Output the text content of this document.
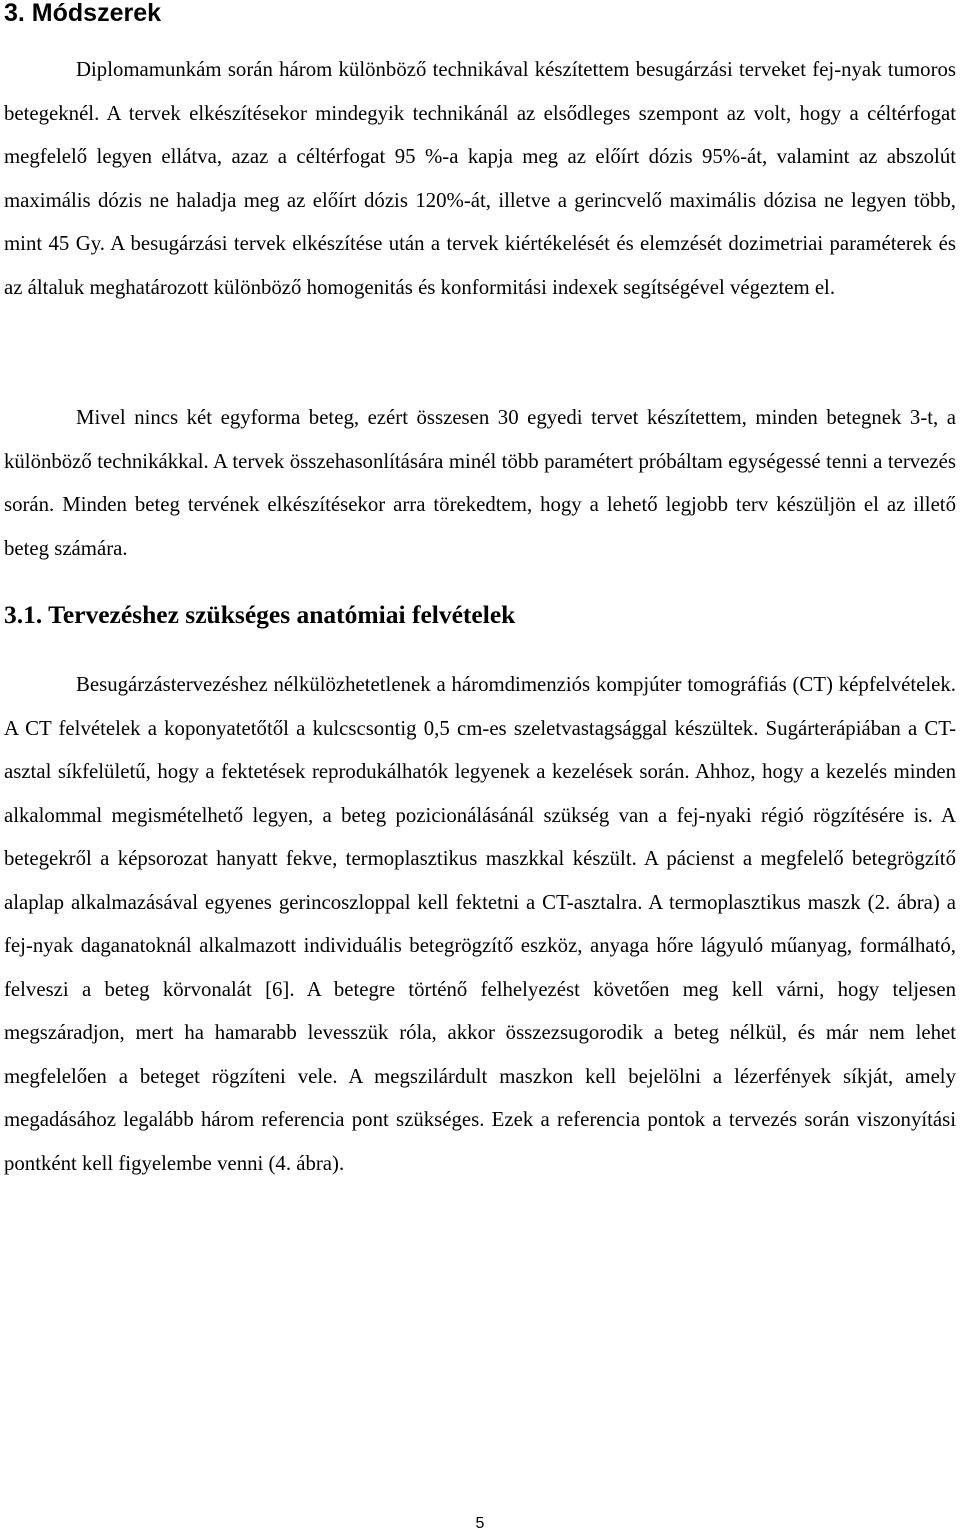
3. Módszerek

Diplomamunkám során három különböző technikával készítettem besugárzási terveket fej-nyak tumoros betegeknél. A tervek elkészítésekor mindegyik technikánál az elsődleges szempont az volt, hogy a céltérfogat megfelelő legyen ellátva, azaz a céltérfogat 95 %-a kapja meg az előírt dózis 95%-át, valamint az abszolút maximális dózis ne haladja meg az előírt dózis 120%-át, illetve a gerincvelő maximális dózisa ne legyen több, mint 45 Gy. A besugárzási tervek elkészítése után a tervek kiértékelését és elemzését dozimetriai paraméterek és az általuk meghatározott különböző homogenitás és konformitási indexek segítségével végeztem el.

Mivel nincs két egyforma beteg, ezért összesen 30 egyedi tervet készítettem, minden betegnek 3-t, a különböző technikákkal. A tervek összehasonlítására minél több paramétert próbáltam egységessé tenni a tervezés során. Minden beteg tervének elkészítésekor arra törekedtem, hogy a lehető legjobb terv készüljön el az illető beteg számára.

3.1. Tervezéshez szükséges anatómiai felvételek

Besugárzástervezéshez nélkülözhetetlenek a háromdimenziós kompjúter tomográfiás (CT) képfelvételek. A CT felvételek a koponyatetőtől a kulcscsontig 0,5 cm-es szeletvastagsággal készültek. Sugárterápiában a CT-asztal síkfelületű, hogy a fektetések reprodukálhatók legyenek a kezelések során. Ahhoz, hogy a kezelés minden alkalommal megismételhető legyen, a beteg pozicionálásánál szükség van a fej-nyaki régió rögzítésére is. A betegekről a képsorozat hanyatt fekve, termoplasztikus maszkkal készült. A pácienst a megfelelő betegrögzítő alaplap alkalmazásával egyenes gerincoszloppal kell fektetni a CT-asztalra. A termoplasztikus maszk (2. ábra) a fej-nyak daganatoknál alkalmazott individuális betegrögzítő eszköz, anyaga hőre lágyuló műanyag, formálható, felveszi a beteg körvonalát [6]. A betegre történő felhelyezést követően meg kell várni, hogy teljesen megszáradjon, mert ha hamarabb levesszük róla, akkor összezsugorodik a beteg nélkül, és már nem lehet megfelelően a beteget rögzíteni vele. A megszilárdult maszkon kell bejelölni a lézerfények síkját, amely megadásához legalább három referencia pont szükséges. Ezek a referencia pontok a tervezés során viszonyítási pontként kell figyelembe venni (4. ábra).

5
